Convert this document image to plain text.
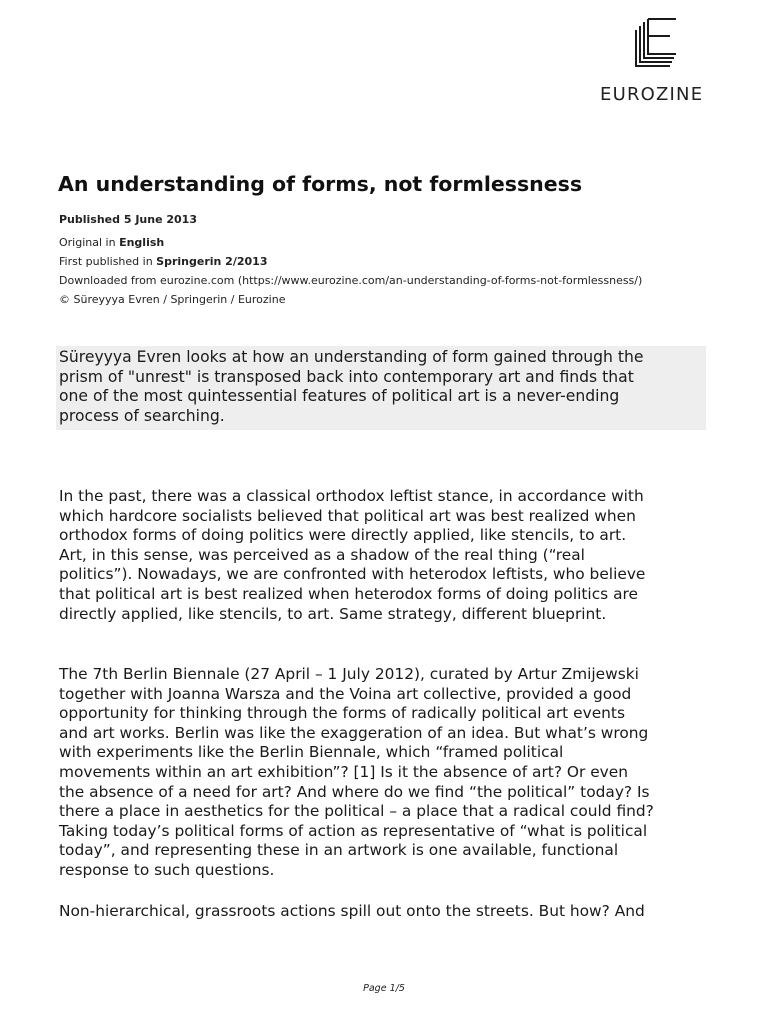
EUROZINE
An understanding of forms, not formlessness
Published 5 June 2013
Original in English
First published in Springerin 2/2013
Downloaded from eurozine.com (https://www.eurozine.com/an-understanding-of-forms-not-formlessness/)
© Süreyyya Evren / Springerin / Eurozine
Süreyyya Evren looks at how an understanding of form gained through the
prism of "unrest" is transposed back into contemporary art and finds that
one of the most quintessential features of political art is a never-ending
process of searching.

In the past, there was a classical orthodox leftist stance, in accordance with
which hardcore socialists believed that political art was best realized when
orthodox forms of doing politics were directly applied, like stencils, to art.
Art, in this sense, was perceived as a shadow of the real thing (“real
politics”). Nowadays, we are confronted with heterodox leftists, who believe
that political art is best realized when heterodox forms of doing politics are
directly applied, like stencils, to art. Same strategy, different blueprint.

The 7th Berlin Biennale (27 April – 1 July 2012), curated by Artur Zmijewski
together with Joanna Warsza and the Voina art collective, provided a good
opportunity for thinking through the forms of radically political art events
and art works. Berlin was like the exaggeration of an idea. But what’s wrong
with experiments like the Berlin Biennale, which “framed political
movements within an art exhibition”? [1] Is it the absence of art? Or even
the absence of a need for art? And where do we find “the political” today? Is
there a place in aesthetics for the political – a place that a radical could find?
Taking today’s political forms of action as representative of “what is political
today”, and representing these in an artwork is one available, functional
response to such questions.

Non-hierarchical, grassroots actions spill out onto the streets. But how? And

Page 1/5
